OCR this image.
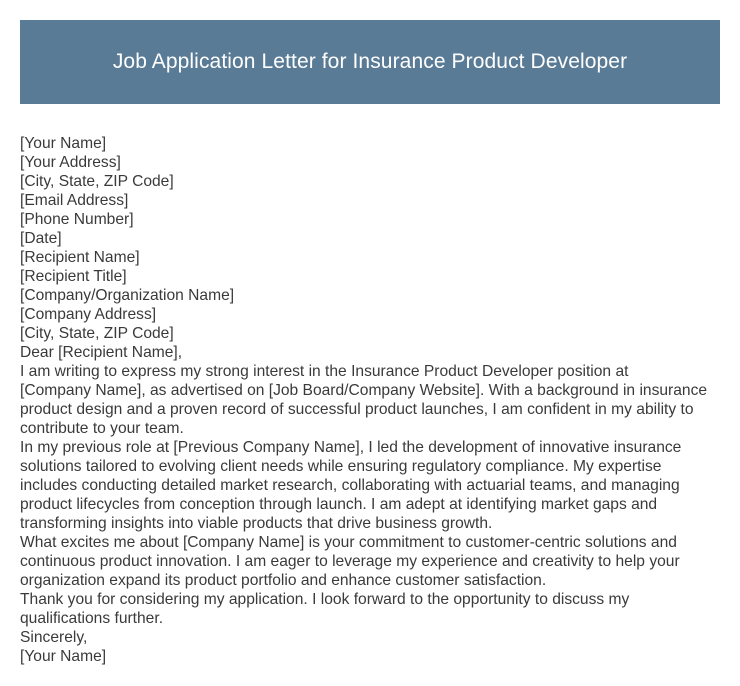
Job Application Letter for Insurance Product Developer
[Your Name]
[Your Address]
[City, State, ZIP Code]
[Email Address]
[Phone Number]
[Date]
[Recipient Name]
[Recipient Title]
[Company/Organization Name]
[Company Address]
[City, State, ZIP Code]
Dear [Recipient Name],
I am writing to express my strong interest in the Insurance Product Developer position at
[Company Name], as advertised on [Job Board/Company Website]. With a background in insurance
product design and a proven record of successful product launches, I am confident in my ability to
contribute to your team.
In my previous role at [Previous Company Name], I led the development of innovative insurance
solutions tailored to evolving client needs while ensuring regulatory compliance. My expertise
includes conducting detailed market research, collaborating with actuarial teams, and managing
product lifecycles from conception through launch. I am adept at identifying market gaps and
transforming insights into viable products that drive business growth.
What excites me about [Company Name] is your commitment to customer-centric solutions and
continuous product innovation. I am eager to leverage my experience and creativity to help your
organization expand its product portfolio and enhance customer satisfaction.
Thank you for considering my application. I look forward to the opportunity to discuss my
qualifications further.
Sincerely,
[Your Name]
